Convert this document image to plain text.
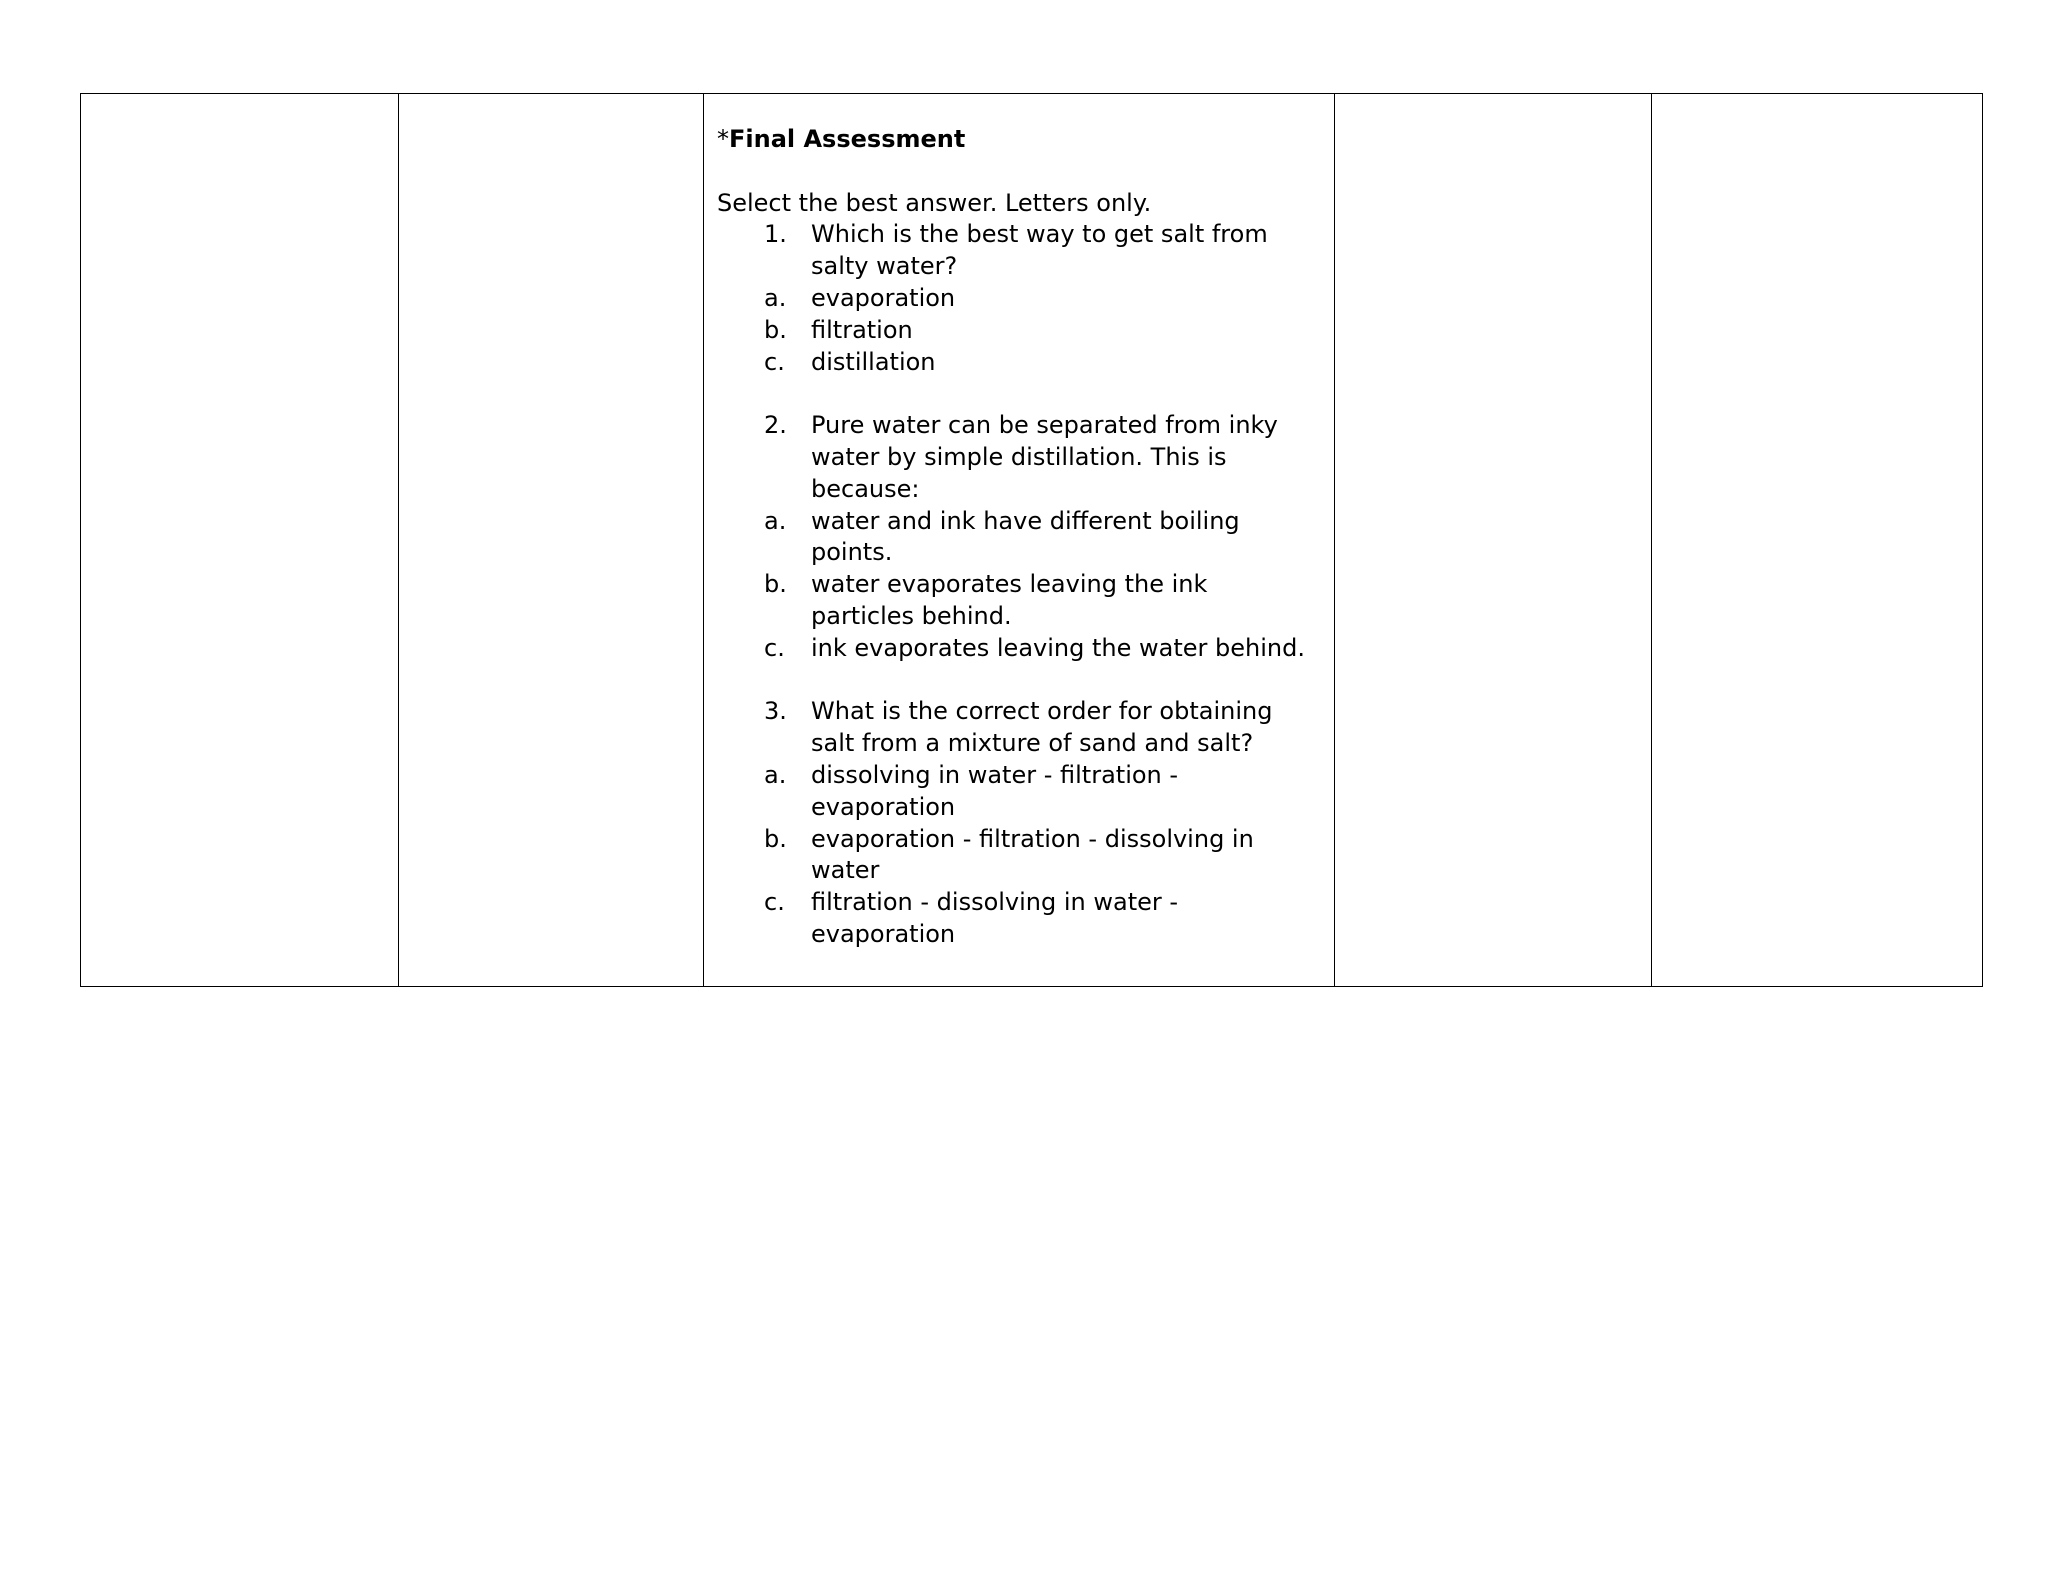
*Final Assessment

Select the best answer. Letters only.

1.	Which is the best way to get salt from salty water?
a.	evaporation
b.	filtration
c.	distillation
2.	Pure water can be separated from inky water by simple distillation. This is because:
a.	water and ink have different boiling points.
b.	water evaporates leaving the ink particles behind.
c.	ink evaporates leaving the water behind.
3.	What is the correct order for obtaining salt from a mixture of sand and salt?
a.	dissolving in water - filtration - evaporation
b.	evaporation - filtration - dissolving in water
c.	filtration - dissolving in water - evaporation
